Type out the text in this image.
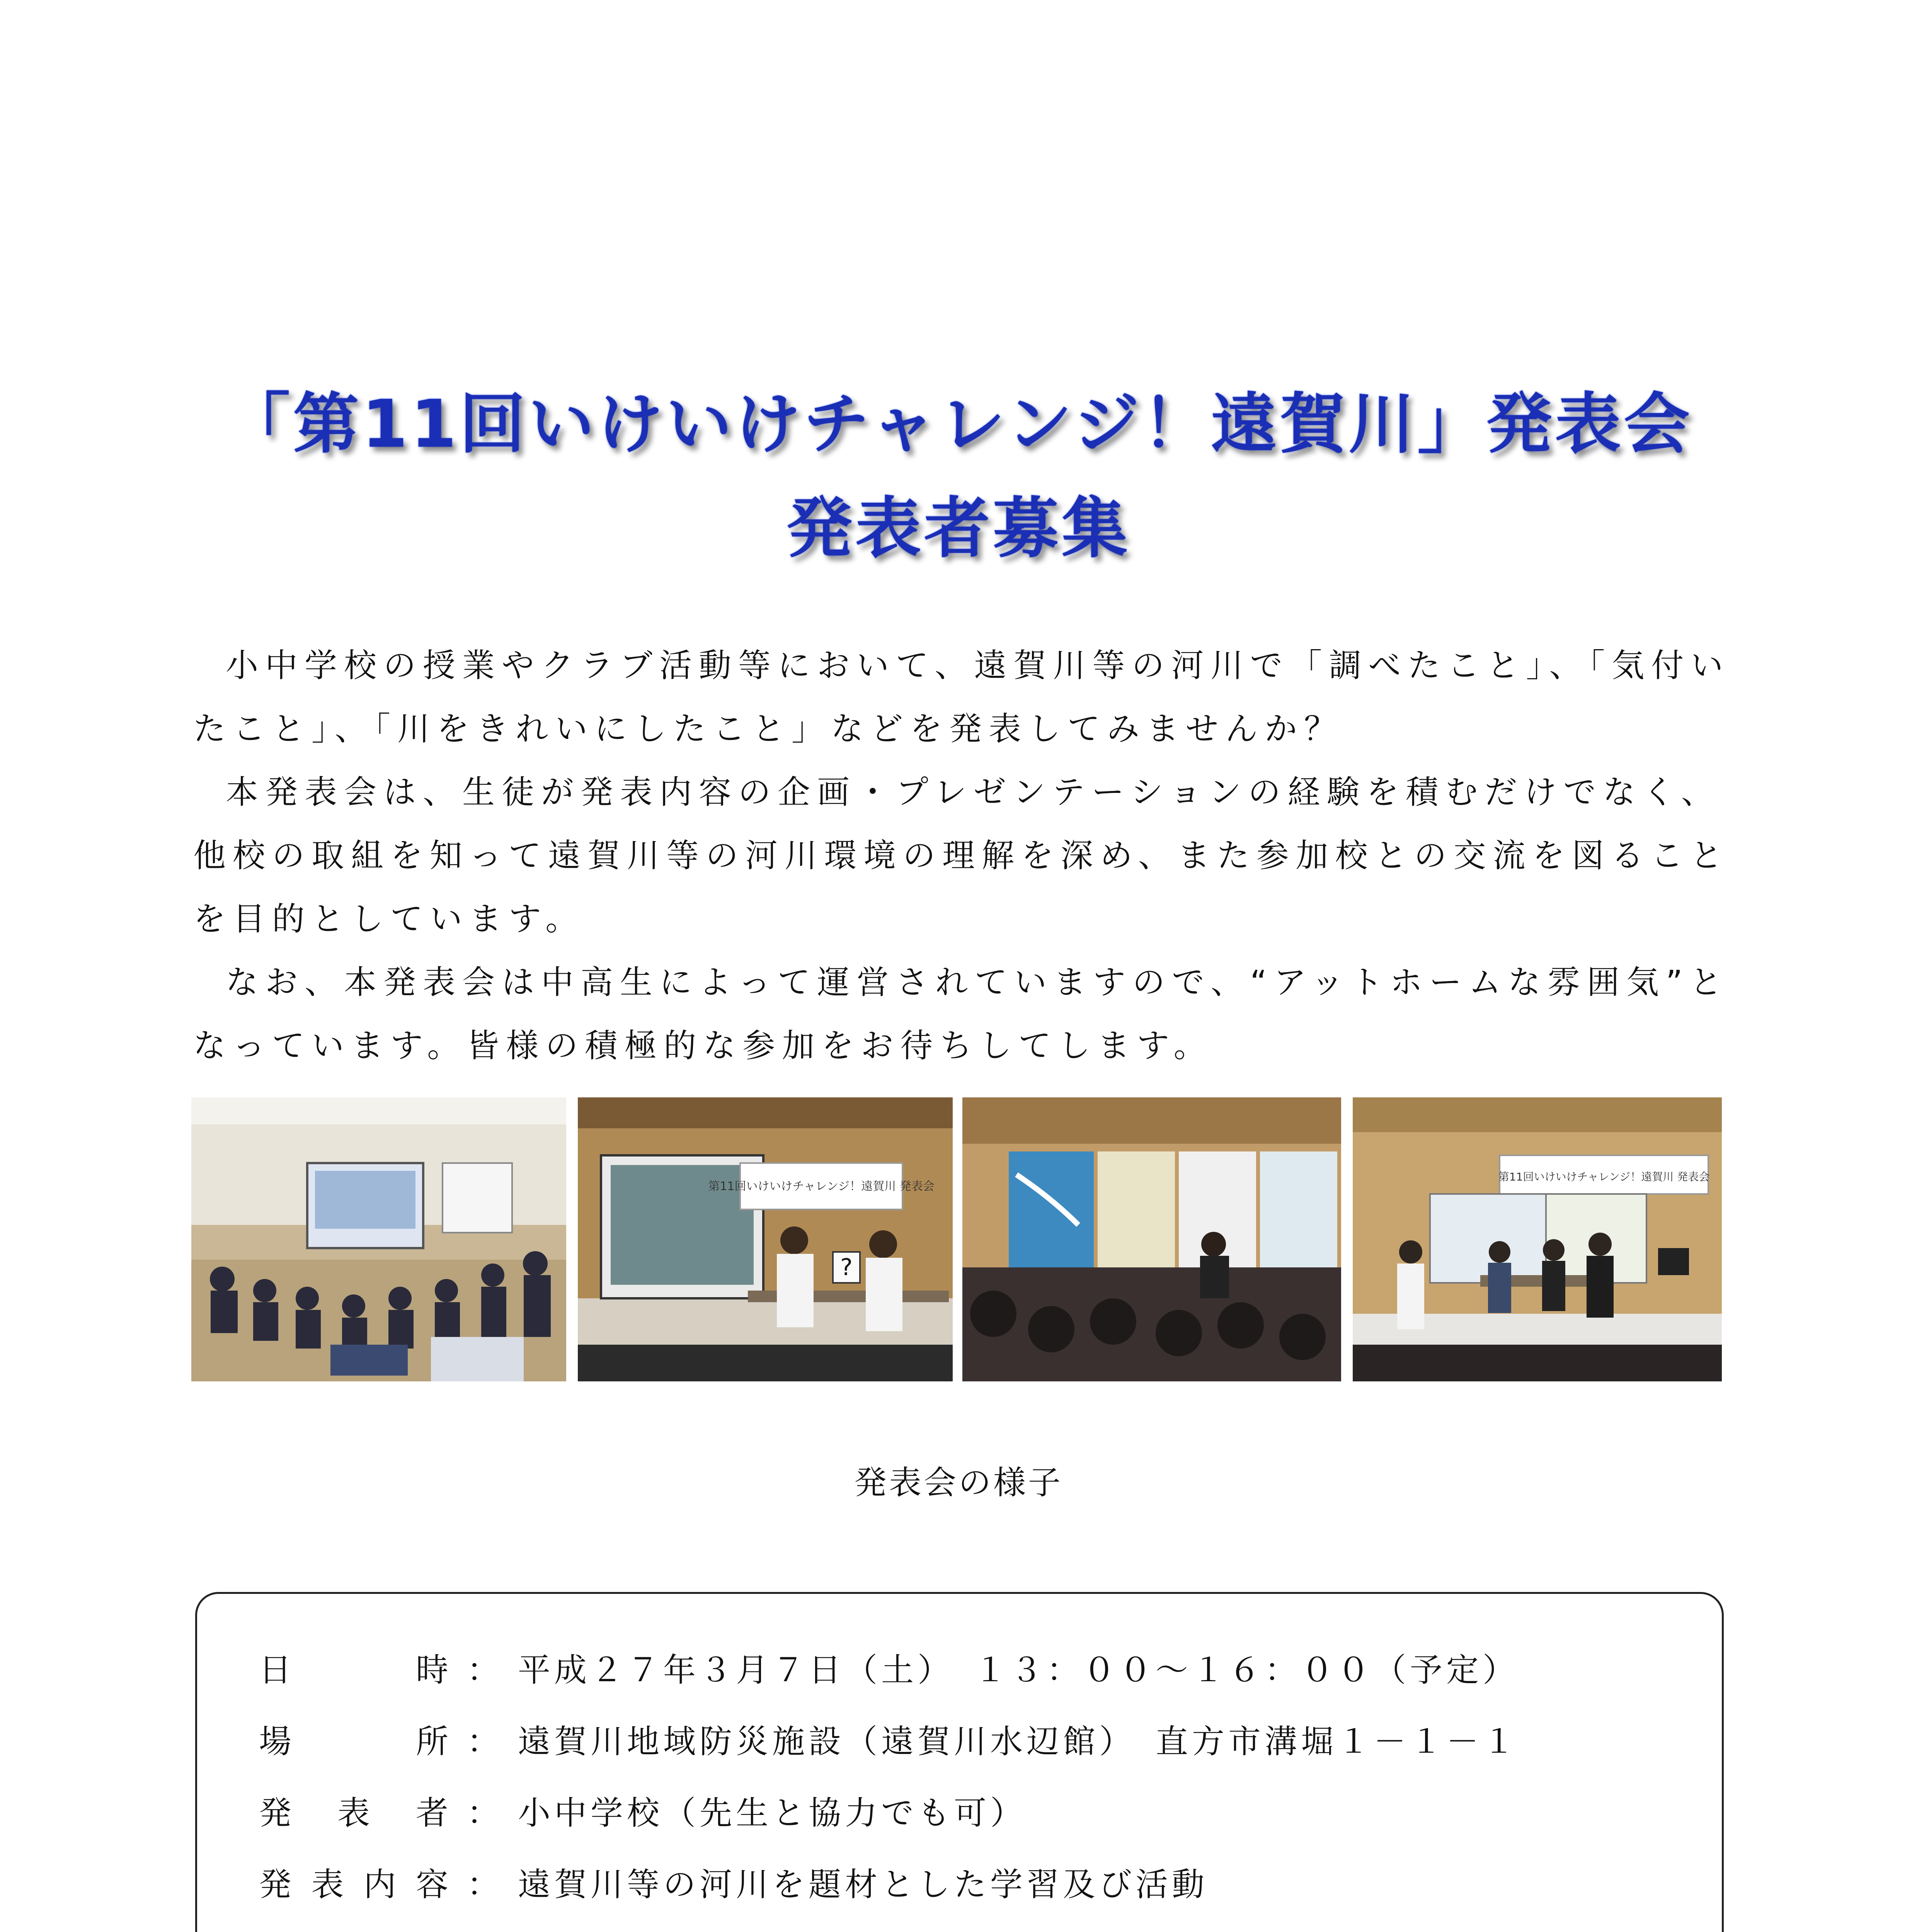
「第11回いけいけチャレンジ！遠賀川」発表会
発表者募集

小中学校の授業やクラブ活動等において、遠賀川等の河川で「調べたこと」、「気付いたこと」、「川をきれいにしたこと」などを発表してみませんか？

本発表会は、生徒が発表内容の企画・プレゼンテーションの経験を積むだけでなく、他校の取組を知って遠賀川等の河川環境の理解を深め、また参加校との交流を図ることを目的としています。

なお、本発表会は中高生によって運営されていますので、“アットホームな雰囲気”となっています。皆様の積極的な参加をお待ちしてします。

第11回いけいけチャレンジ！遠賀川 発表会
?
第11回いけいけチャレンジ！遠賀川 発表会
発表会の様子
日時 ： 平成２７年３月７日（土）　１３：００～１６：００（予定）
場所 ： 遠賀川地域防災施設（遠賀川水辺館）　直方市溝堀１－１－１
発表者 ： 小中学校（先生と協力でも可）
発表内容 ： 遠賀川等の河川を題材とした学習及び活動
